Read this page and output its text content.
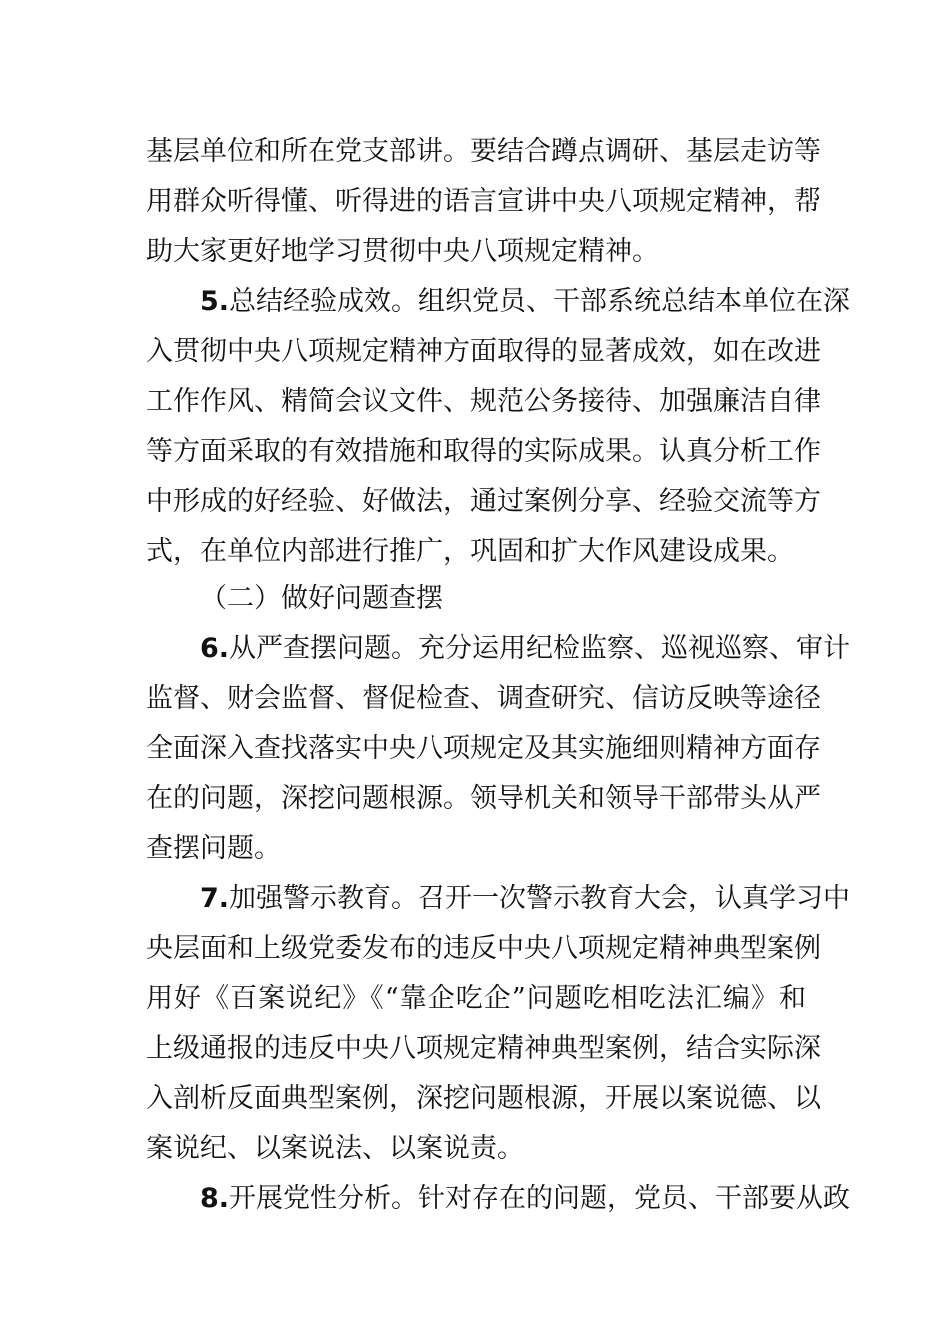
基层单位和所在党支部讲。要结合蹲点调研、基层走访等
用群众听得懂、听得进的语言宣讲中央八项规定精神，帮
助大家更好地学习贯彻中央八项规定精神。
5.总结经验成效。组织党员、干部系统总结本单位在深
入贯彻中央八项规定精神方面取得的显著成效，如在改进
工作作风、精简会议文件、规范公务接待、加强廉洁自律
等方面采取的有效措施和取得的实际成果。认真分析工作
中形成的好经验、好做法，通过案例分享、经验交流等方
式，在单位内部进行推广，巩固和扩大作风建设成果。
（二）做好问题查摆
6.从严查摆问题。充分运用纪检监察、巡视巡察、审计
监督、财会监督、督促检查、调查研究、信访反映等途径
全面深入查找落实中央八项规定及其实施细则精神方面存
在的问题，深挖问题根源。领导机关和领导干部带头从严
查摆问题。
7.加强警示教育。召开一次警示教育大会，认真学习中
央层面和上级党委发布的违反中央八项规定精神典型案例
用好《百案说纪》《“靠企吃企”问题吃相吃法汇编》和
上级通报的违反中央八项规定精神典型案例，结合实际深
入剖析反面典型案例，深挖问题根源，开展以案说德、以
案说纪、以案说法、以案说责。
8.开展党性分析。针对存在的问题，党员、干部要从政
